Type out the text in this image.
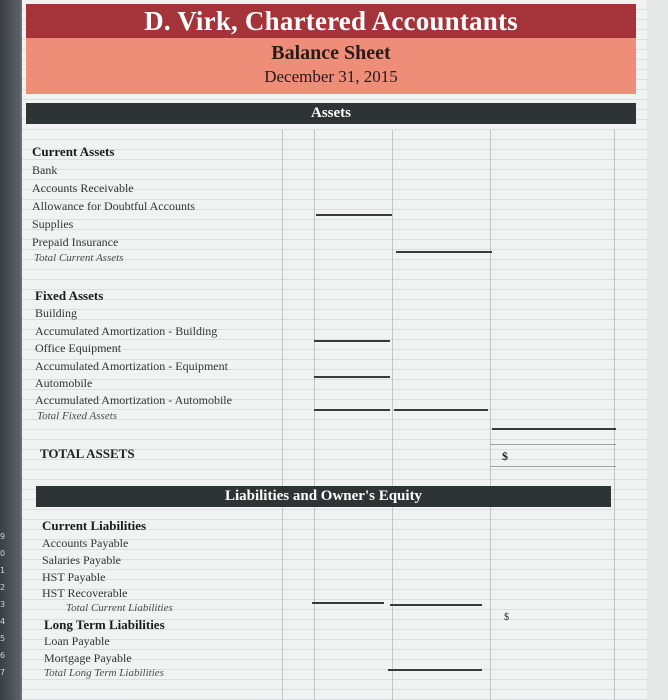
9
0
1
2
3
4
5
6
7
D. Virk, Chartered Accountants
Balance Sheet
December 31, 2015
Assets
Current Assets
Bank
Accounts Receivable
Allowance for Doubtful Accounts
Supplies
Prepaid Insurance
Total Current Assets
Fixed Assets
Building
Accumulated Amortization - Building
Office Equipment
Accumulated Amortization - Equipment
Automobile
Accumulated Amortization - Automobile
Total Fixed Assets
TOTAL ASSETS	$
Liabilities and Owner's Equity
Current Liabilities
Accounts Payable
Salaries Payable
HST Payable
HST Recoverable
Total Current Liabilities
$
Long Term Liabilities
Loan Payable
Mortgage Payable
Total Long Term Liabilities
